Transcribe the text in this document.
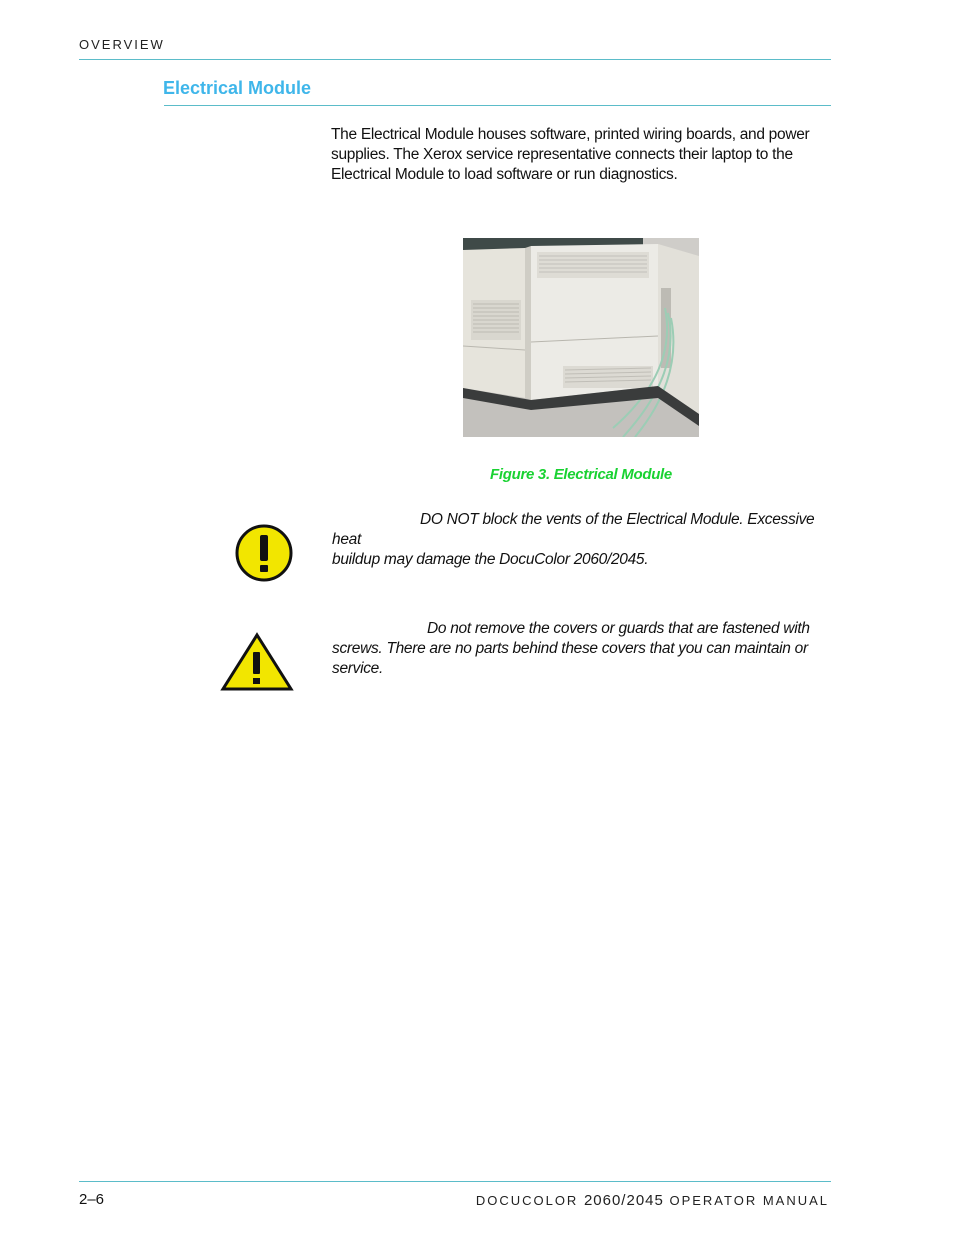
OVERVIEW
Electrical Module

The Electrical Module houses software, printed wiring boards, and power supplies. The Xerox service representative connects their laptop to the Electrical Module to load software or run diagnostics.

Figure 3. Electrical Module

DO NOT block the vents of the Electrical Module. Excessive heat
buildup may damage the DocuColor 2060/2045.

Do not remove the covers or guards that are fastened with
screws. There are no parts behind these covers that you can maintain or service.

2–6	DOCUCOLOR 2060/2045 OPERATOR MANUAL
